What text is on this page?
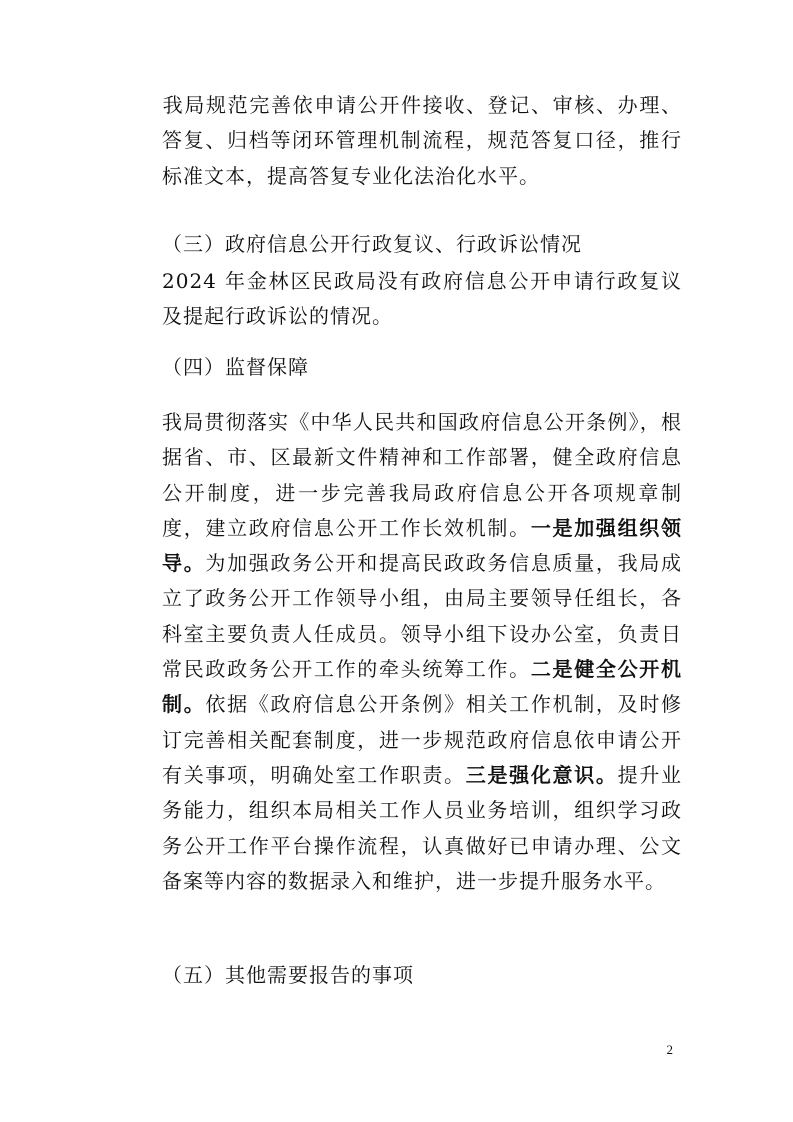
我局规范完善依申请公开件接收、登记、审核、办理、答复、归档等闭环管理机制流程，规范答复口径，推行标准文本，提高答复专业化法治化水平。

（三）政府信息公开行政复议、行政诉讼情况

2024 年金林区民政局没有政府信息公开申请行政复议及提起行政诉讼的情况。

（四）监督保障

我局贯彻落实《中华人民共和国政府信息公开条例》，根据省、市、区最新文件精神和工作部署，健全政府信息公开制度，进一步完善我局政府信息公开各项规章制度，建立政府信息公开工作长效机制。一是加强组织领导。为加强政务公开和提高民政政务信息质量，我局成立了政务公开工作领导小组，由局主要领导任组长，各科室主要负责人任成员。领导小组下设办公室，负责日常民政政务公开工作的牵头统筹工作。二是健全公开机制。依据《政府信息公开条例》相关工作机制，及时修订完善相关配套制度，进一步规范政府信息依申请公开有关事项，明确处室工作职责。三是强化意识。提升业务能力，组织本局相关工作人员业务培训，组织学习政务公开工作平台操作流程，认真做好已申请办理、公文备案等内容的数据录入和维护，进一步提升服务水平。

（五）其他需要报告的事项

2
